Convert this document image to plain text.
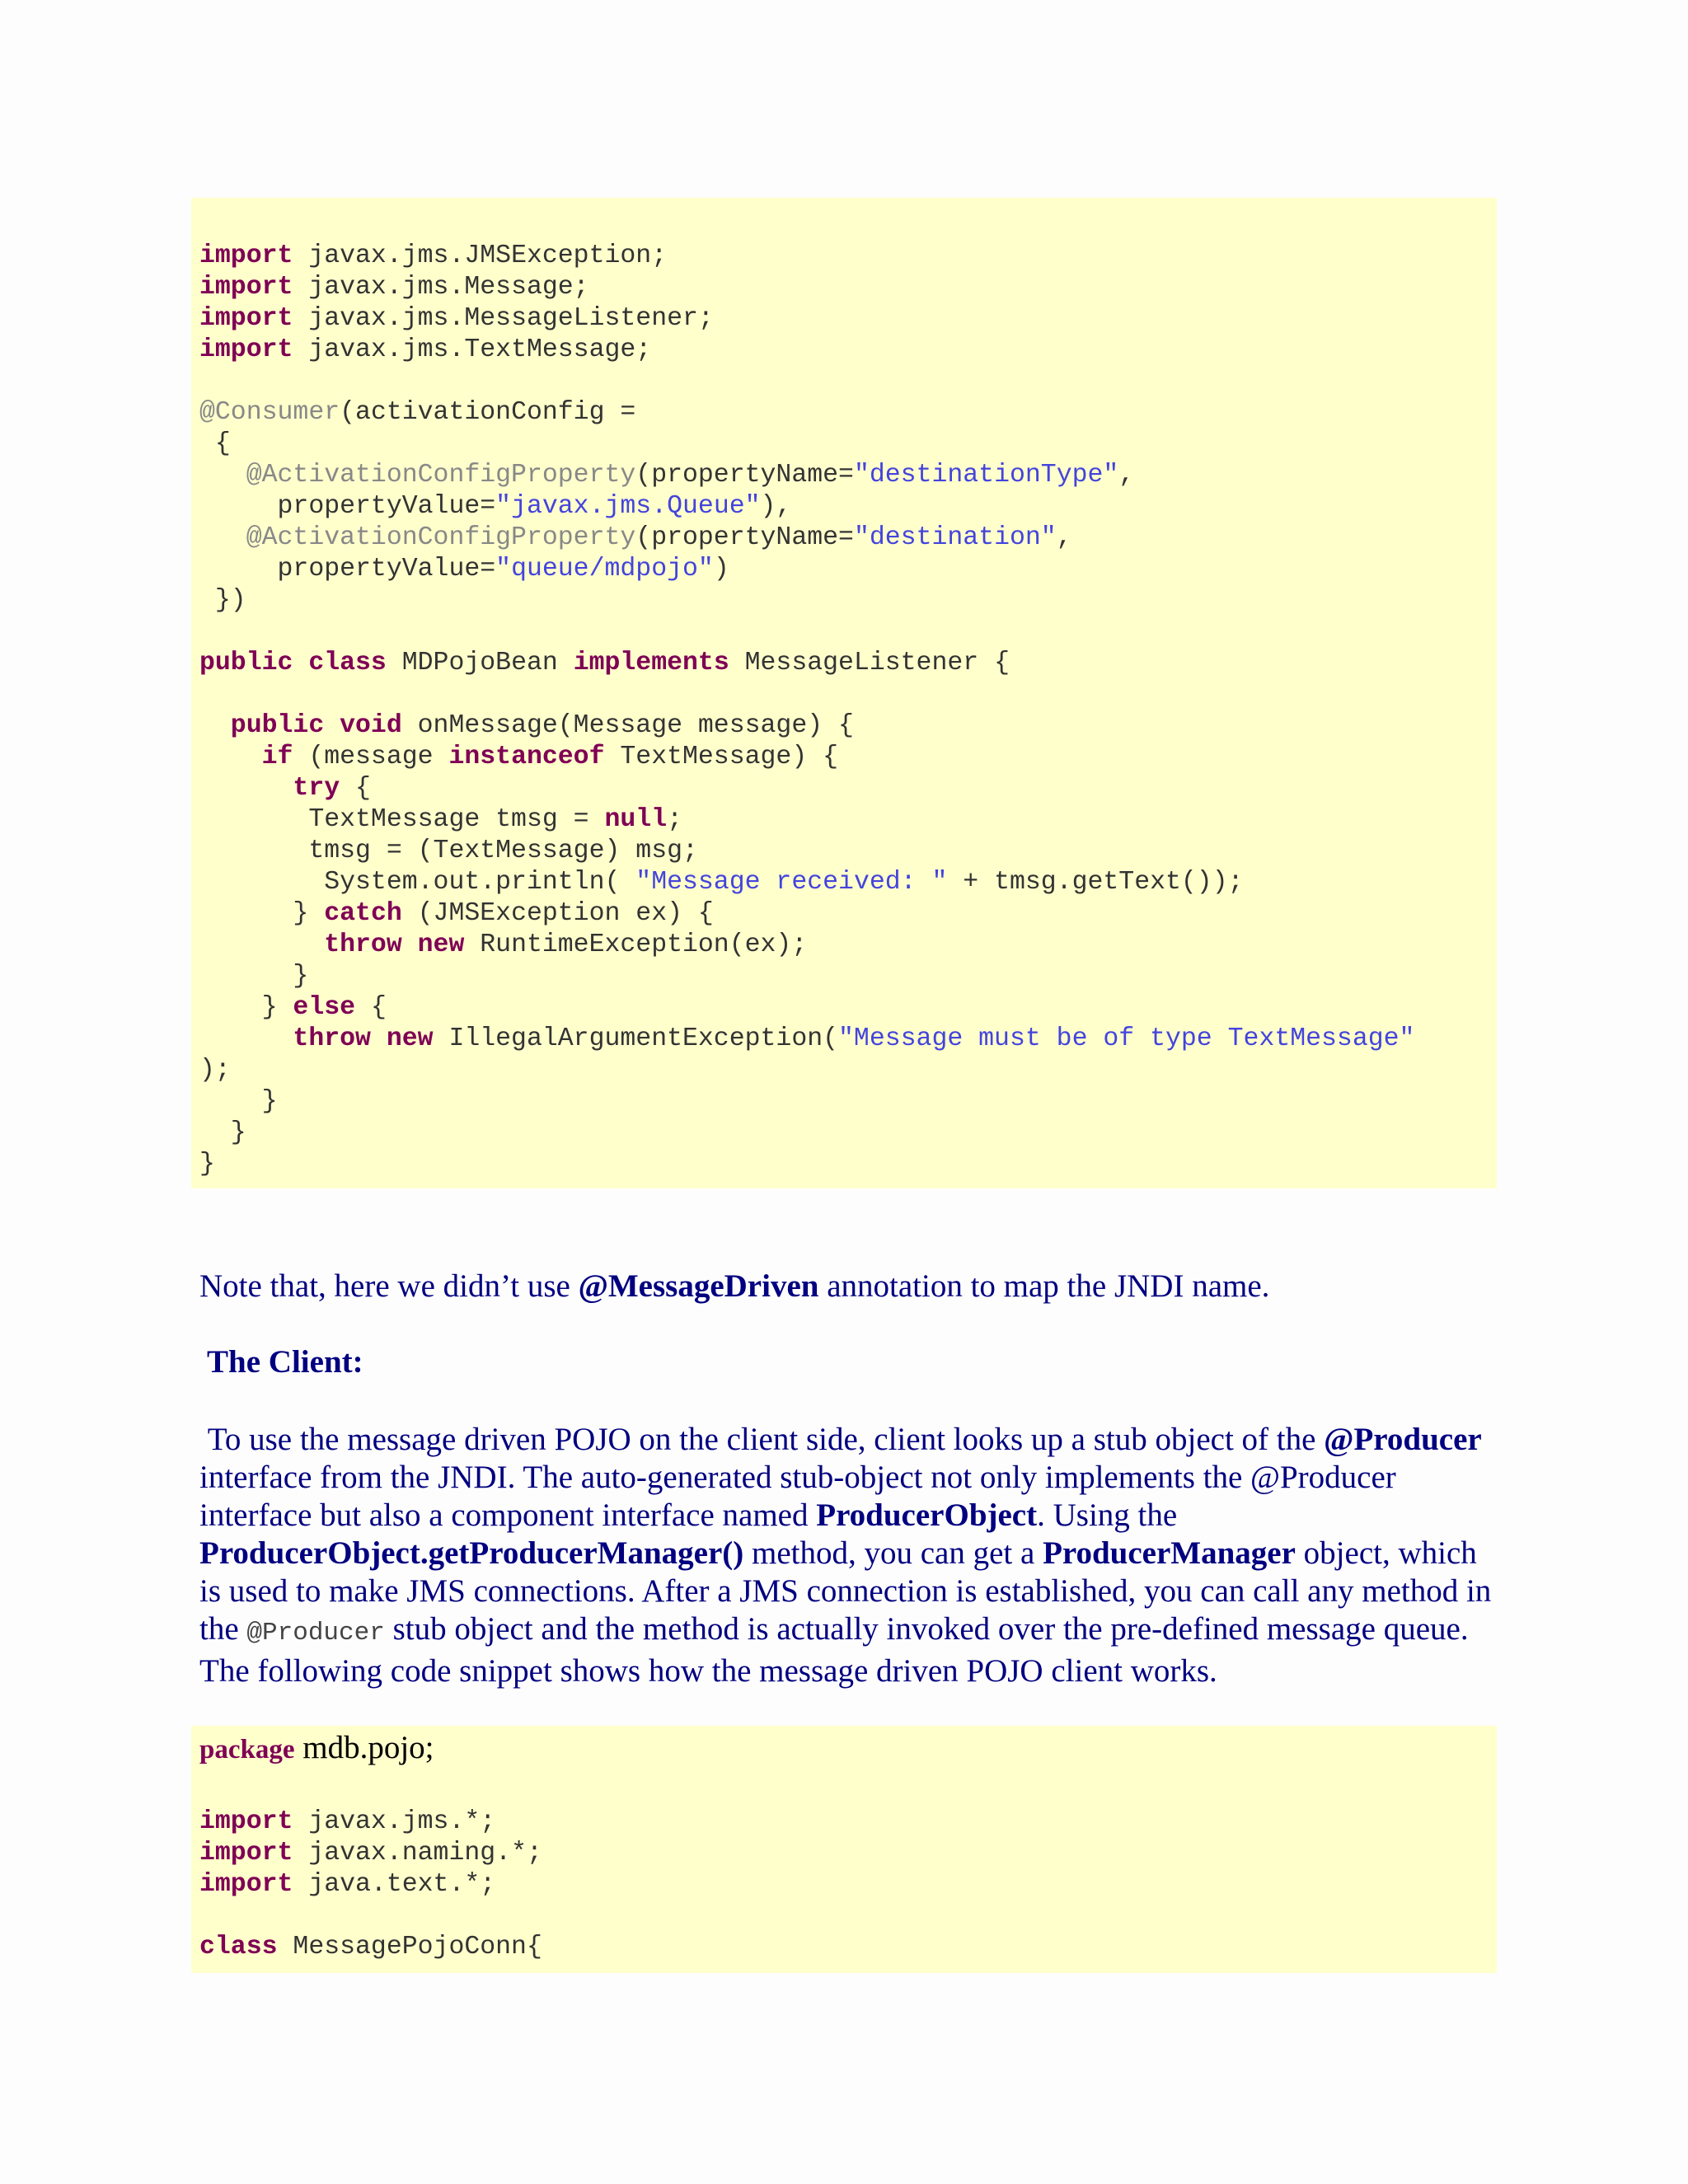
import javax.jms.JMSException;
import javax.jms.Message;
import javax.jms.MessageListener;
import javax.jms.TextMessage;
@Consumer(activationConfig =
{
@ActivationConfigProperty(propertyName="destinationType",
propertyValue="javax.jms.Queue"),
@ActivationConfigProperty(propertyName="destination",
propertyValue="queue/mdpojo")
})
public class MDPojoBean implements MessageListener {
public void onMessage(Message message) {
if (message instanceof TextMessage) {
try {
TextMessage tmsg = null;
tmsg = (TextMessage) msg;
System.out.println( "Message received: " + tmsg.getText());
} catch (JMSException ex) {
throw new RuntimeException(ex);
}
} else {
throw new IllegalArgumentException("Message must be of type TextMessage"
);
}
}
}
Note that, here we didn’t use @MessageDriven annotation to map the JNDI name.
The Client:
To use the message driven POJO on the client side, client looks up a stub object of the @Producer interface from the JNDI. The auto-generated stub-object not only implements the @Producer interface but also a component interface named ProducerObject. Using the ProducerObject.getProducerManager() method, you can get a ProducerManager object, which is used to make JMS connections. After a JMS connection is established, you can call any method in the @Producer stub object and the method is actually invoked over the pre-defined message queue. The following code snippet shows how the message driven POJO client works.

package mdb.pojo;

import javax.jms.*;
import javax.naming.*;
import java.text.*;
class MessagePojoConn{
